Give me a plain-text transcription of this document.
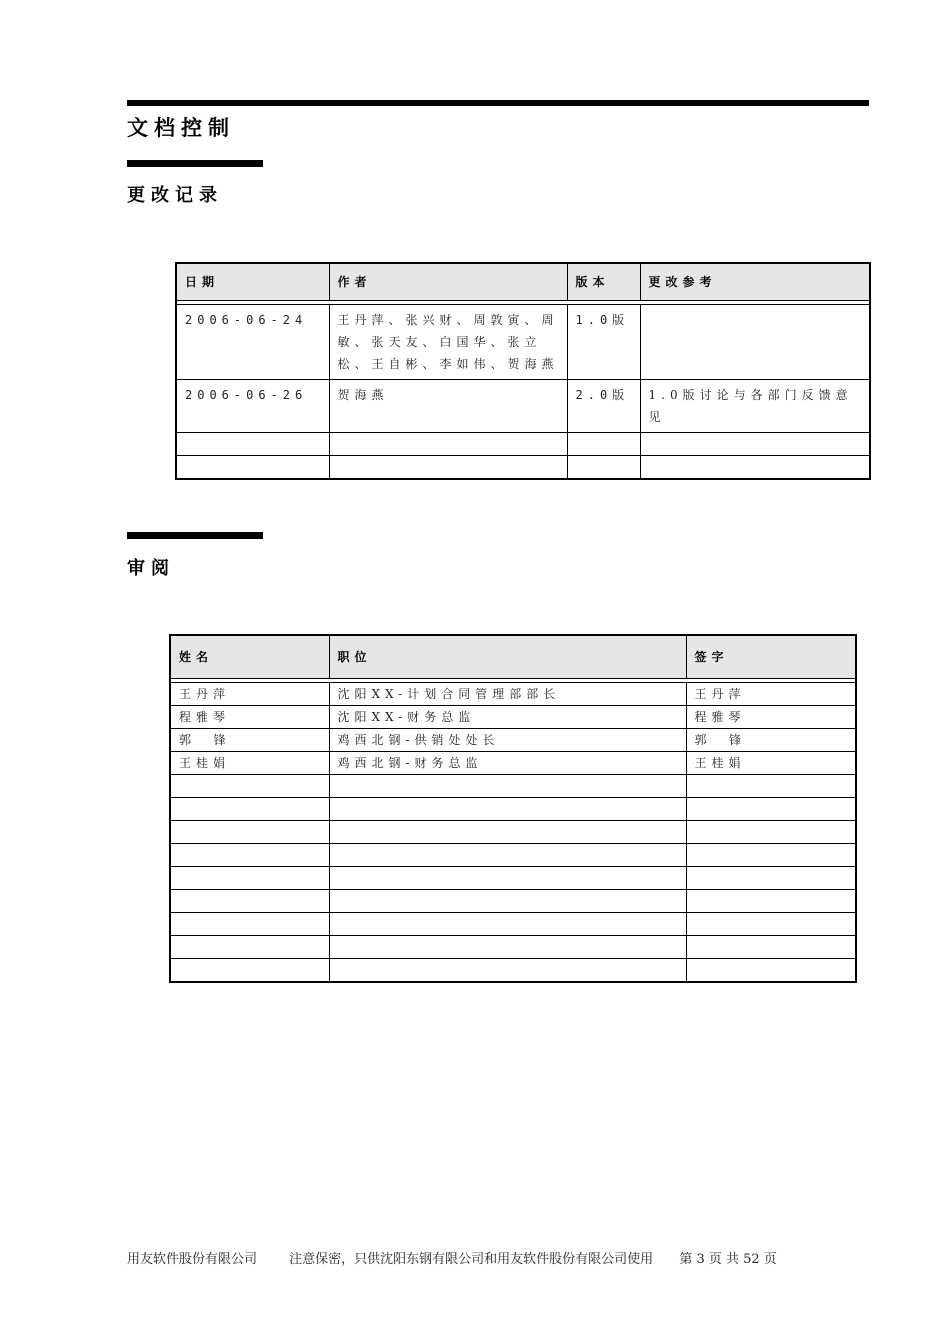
文档控制
更改记录
日期	作者	版本	更改参考

2006-06-24	王丹萍、张兴财、周敦寅、周敏、张天友、白国华、张立松、王自彬、李如伟、贺海燕	1.0版	
2006-06-26	贺海燕	2.0版	1.0版讨论与各部门反馈意见

审阅
姓名	职位	签字

王丹萍	沈阳XX-计划合同管理部部长	王丹萍
程雅琴	沈阳XX-财务总监	程雅琴
郭  锋	鸡西北钢-供销处处长	郭  锋
王桂娟	鸡西北钢-财务总监	王桂娟

用友软件股份有限公司 注意保密，只供沈阳东钢有限公司和用友软件股份有限公司使用 第 3 页 共 52 页
